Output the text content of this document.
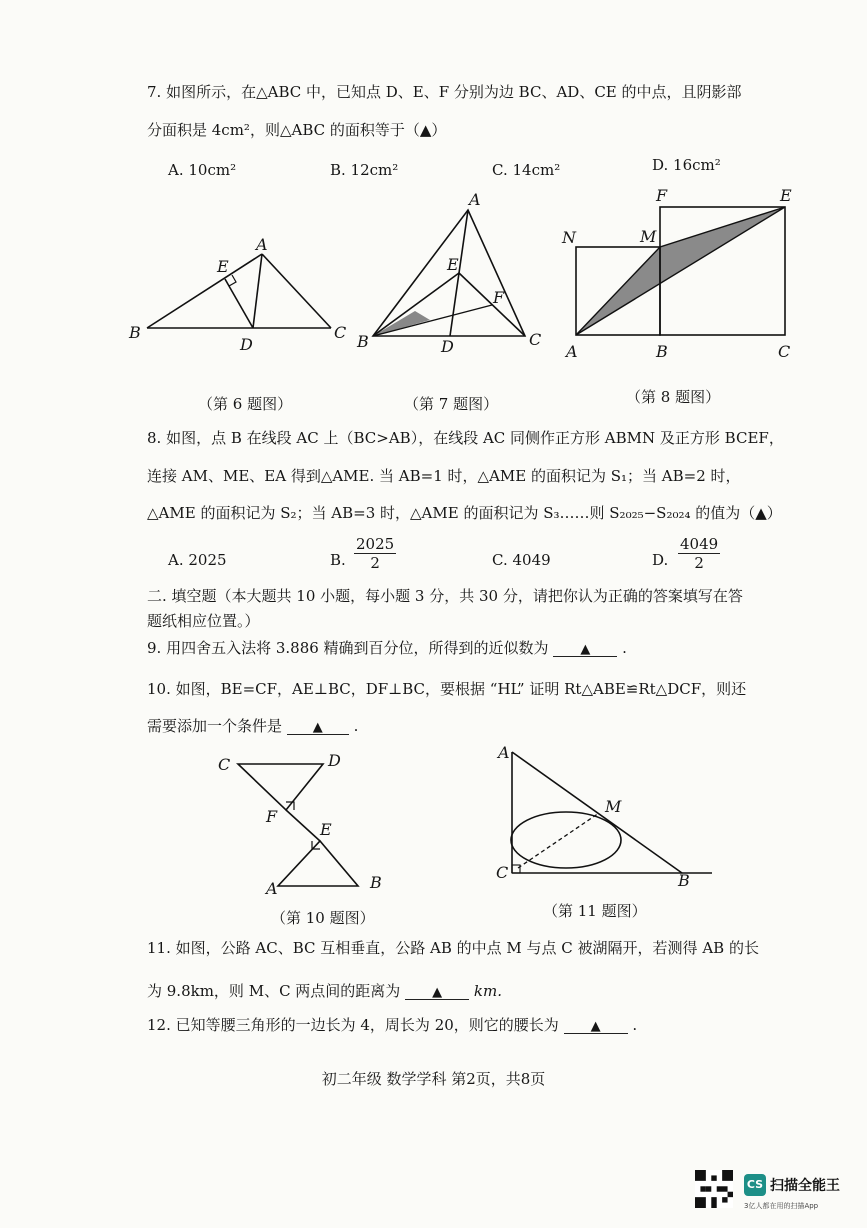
7. 如图所示，在△ABC 中，已知点 D、E、F 分别为边 BC、AD、CE 的中点，且阴影部
分面积是 4cm²，则△ABC 的面积等于（▲）
A. 10cm²	B. 12cm²	C. 14cm²	D. 16cm²
B
A
E
D
C
（第 6 题图）
A
E
F
B	D	C
（第 7 题图）
N	M
F	E
A	B	C
（第 8 题图）
8. 如图，点 B 在线段 AC 上（BC>AB），在线段 AC 同侧作正方形 ABMN 及正方形 BCEF，
连接 AM、ME、EA 得到△AME. 当 AB=1 时，△AME 的面积记为 S₁；当 AB=2 时，
△AME 的面积记为 S₂；当 AB=3 时，△AME 的面积记为 S₃……则 S₂₀₂₅−S₂₀₂₄ 的值为（▲）
A. 2025	B. $\frac{2025}{2}$	C. 4049	D. $\frac{4049}{2}$
二. 填空题（本大题共 10 小题，每小题 3 分，共 30 分，请把你认为正确的答案填写在答
题纸相应位置。）
9. 用四舍五入法将 3.886 精确到百分位，所得到的近似数为 ▲ .
10. 如图，BE=CF，AE⊥BC，DF⊥BC，要根据 “HL” 证明 Rt△ABE≌Rt△DCF，则还
需要添加一个条件是 ▲ .
C	D
F
E
A	B
（第 10 题图）
A
M
C	B
（第 11 题图）
11. 如图，公路 AC、BC 互相垂直，公路 AB 的中点 M 与点 C 被湖隔开，若测得 AB 的长
为 9.8km，则 M、C 两点间的距离为 ▲ km.
12. 已知等腰三角形的一边长为 4，周长为 20，则它的腰长为 ▲ .
初二年级 数学学科 第2页，共8页
CS 扫描全能王
3亿人都在用的扫描App
